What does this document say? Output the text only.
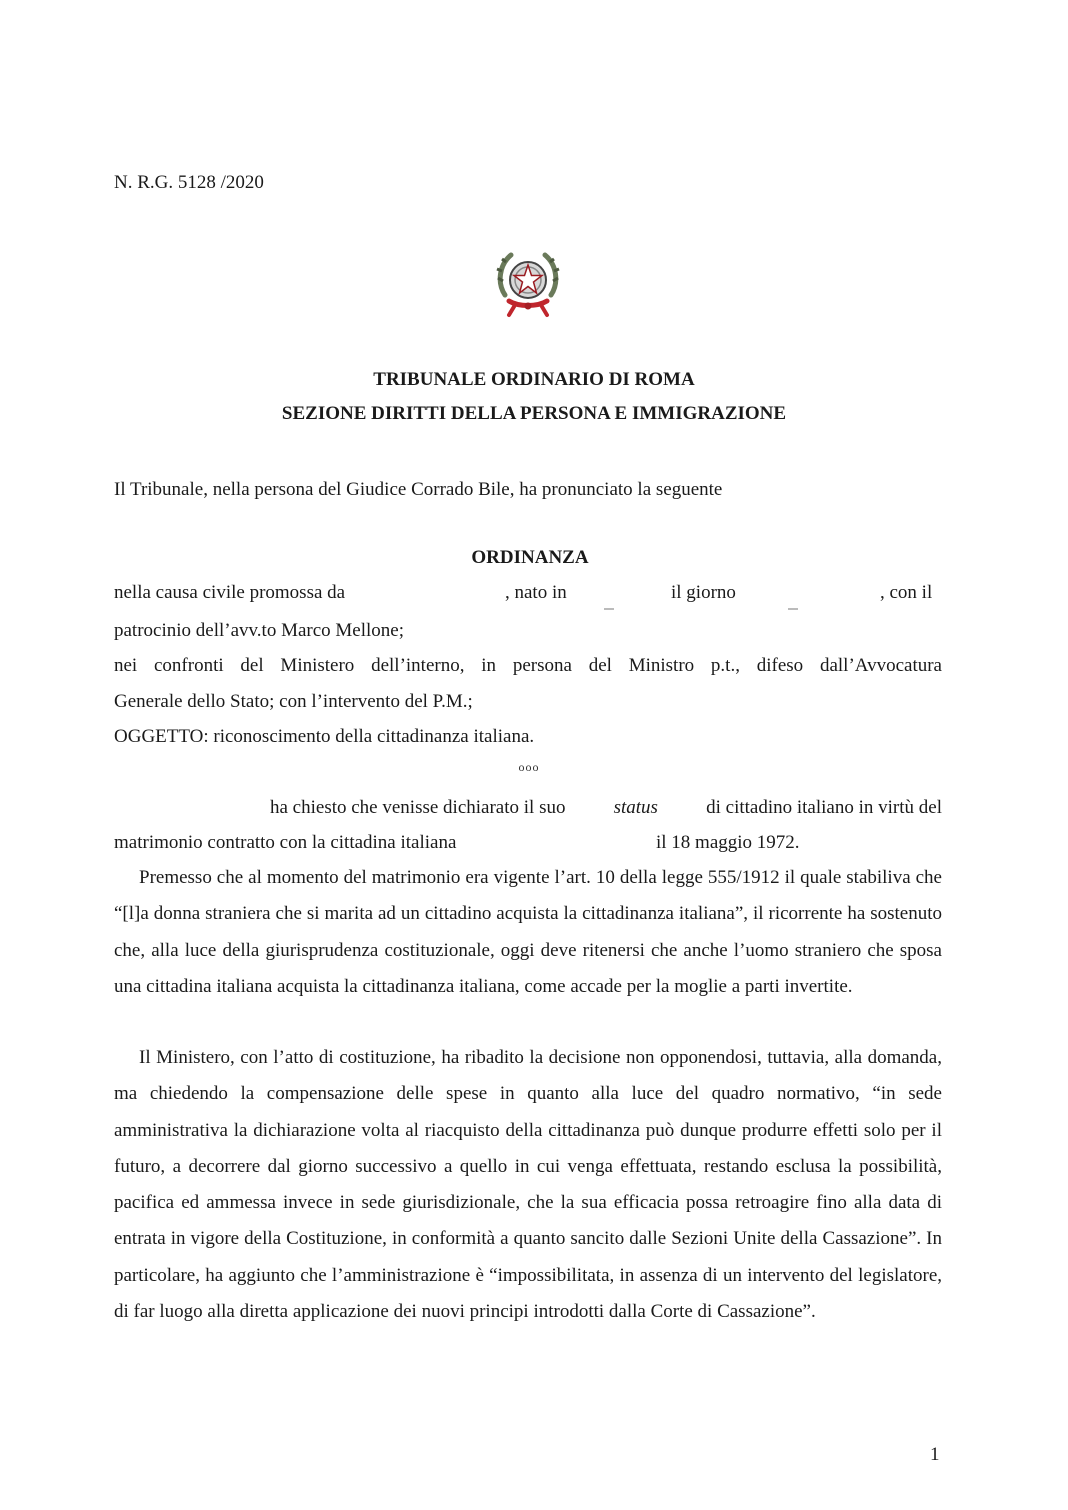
N. R.G. 5128 /2020
TRIBUNALE ORDINARIO DI ROMA
SEZIONE DIRITTI DELLA PERSONA E IMMIGRAZIONE
Il Tribunale, nella persona del Giudice Corrado Bile, ha pronunciato la seguente
ORDINANZA
nella causa civile promossa da	, nato in	il giorno	, con il
patrocinio dell’avv.to Marco Mellone;
nei confronti del Ministero dell’interno, in persona del Ministro p.t., difeso dall’Avvocatura
Generale dello Stato; con l’intervento del P.M.;
OGGETTO: riconoscimento della cittadinanza italiana.
ooo
ha chiesto che venisse dichiarato il suo	status	di cittadino italiano in virtù del
matrimonio contratto con la cittadina italiana	il 18 maggio 1972.
Premesso che al momento del matrimonio era vigente l’art. 10 della legge 555/1912 il quale stabiliva che “[l]a donna straniera che si marita ad un cittadino acquista la cittadinanza italiana”, il ricorrente ha sostenuto che, alla luce della giurisprudenza costituzionale, oggi deve ritenersi che anche l’uomo straniero che sposa una cittadina italiana acquista la cittadinanza italiana, come accade per la moglie a parti invertite.
Il Ministero, con l’atto di costituzione, ha ribadito la decisione non opponendosi, tuttavia, alla domanda, ma chiedendo la compensazione delle spese in quanto alla luce del quadro normativo, “in sede amministrativa la dichiarazione volta al riacquisto della cittadinanza può dunque produrre effetti solo per il futuro, a decorrere dal giorno successivo a quello in cui venga effettuata, restando esclusa la possibilità, pacifica ed ammessa invece in sede giurisdizionale, che la sua efficacia possa retroagire fino alla data di entrata in vigore della Costituzione, in conformità a quanto sancito dalle Sezioni Unite della Cassazione”. In particolare, ha aggiunto che l’amministrazione è “impossibilitata, in assenza di un intervento del legislatore, di far luogo alla diretta applicazione dei nuovi principi introdotti dalla Corte di Cassazione”.
1
